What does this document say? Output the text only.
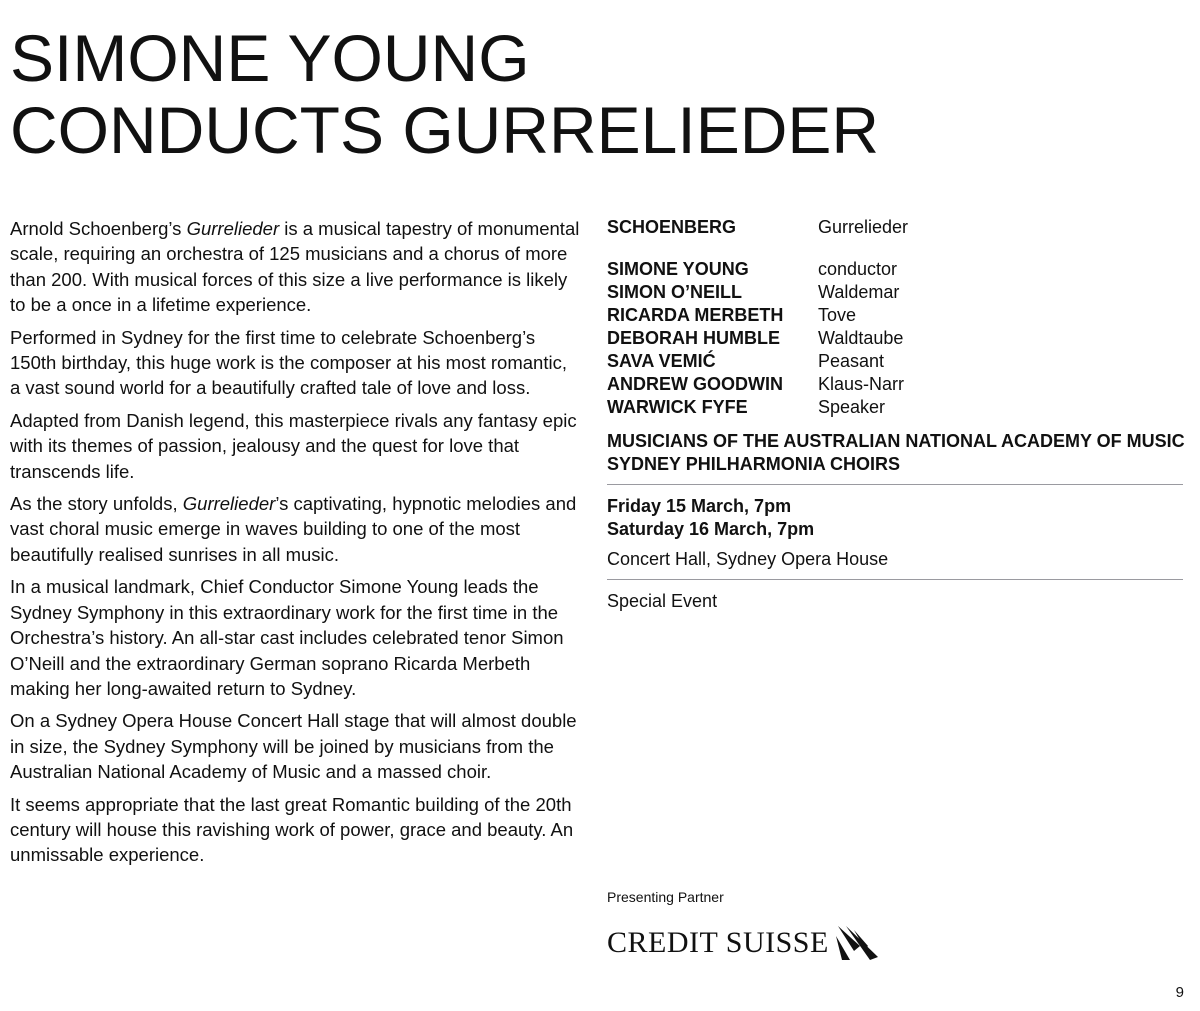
SIMONE YOUNG
CONDUCTS GURRELIEDER

Arnold Schoenberg’s Gurrelieder is a musical tapestry of monumental scale, requiring an orchestra of 125 musicians and a chorus of more than 200. With musical forces of this size a live performance is likely to be a once in a lifetime experience.

Performed in Sydney for the first time to celebrate Schoenberg’s 150th birthday, this huge work is the composer at his most romantic, a vast sound world for a beautifully crafted tale of love and loss.

Adapted from Danish legend, this masterpiece rivals any fantasy epic with its themes of passion, jealousy and the quest for love that transcends life.

As the story unfolds, Gurrelieder’s captivating, hypnotic melodies and vast choral music emerge in waves building to one of the most beautifully realised sunrises in all music.

In a musical landmark, Chief Conductor Simone Young leads the Sydney Symphony in this extraordinary work for the first time in the Orchestra’s history. An all-star cast includes celebrated tenor Simon O’Neill and the extraordinary German soprano Ricarda Merbeth making her long-awaited return to Sydney.

On a Sydney Opera House Concert Hall stage that will almost double in size, the Sydney Symphony will be joined by musicians from the Australian National Academy of Music and a massed choir.

It seems appropriate that the last great Romantic building of the 20th century will house this ravishing work of power, grace and beauty. An unmissable experience.

SCHOENBERG	Gurrelieder
SIMONE YOUNG	conductor
SIMON O’NEILL	Waldemar
RICARDA MERBETH	Tove
DEBORAH HUMBLE	Waldtaube
SAVA VEMIĆ	Peasant
ANDREW GOODWIN	Klaus-Narr
WARWICK FYFE	Speaker
MUSICIANS OF THE AUSTRALIAN NATIONAL ACADEMY OF MUSIC
SYDNEY PHILHARMONIA CHOIRS
Friday 15 March, 7pm
Saturday 16 March, 7pm
Concert Hall, Sydney Opera House
Special Event
Presenting Partner
CREDIT SUISSE
9
